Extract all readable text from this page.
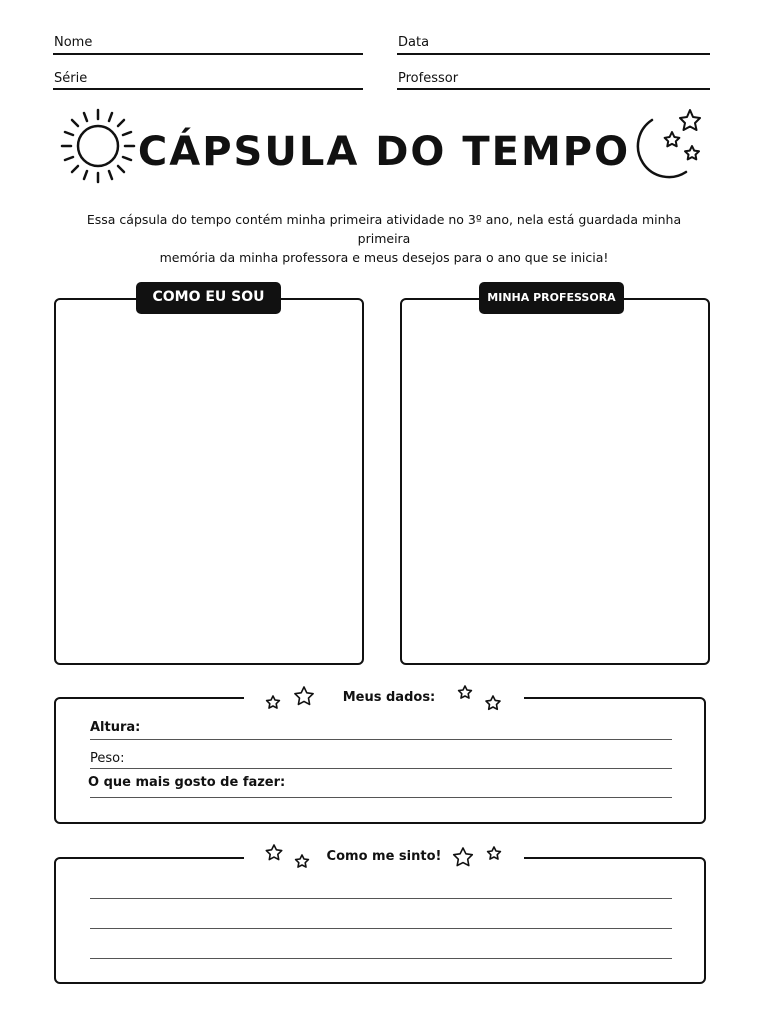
Nome	Data
Série	Professor
CÁPSULA DO TEMPO
Essa cápsula do tempo contém minha primeira atividade no 3º ano, nela está guardada minha primeira
memória da minha professora e meus desejos para o ano que se inicia!
COMO EU SOU	MINHA PROFESSORA
Meus dados:
Altura:
Peso:
O que mais gosto de fazer:
Como me sinto!
